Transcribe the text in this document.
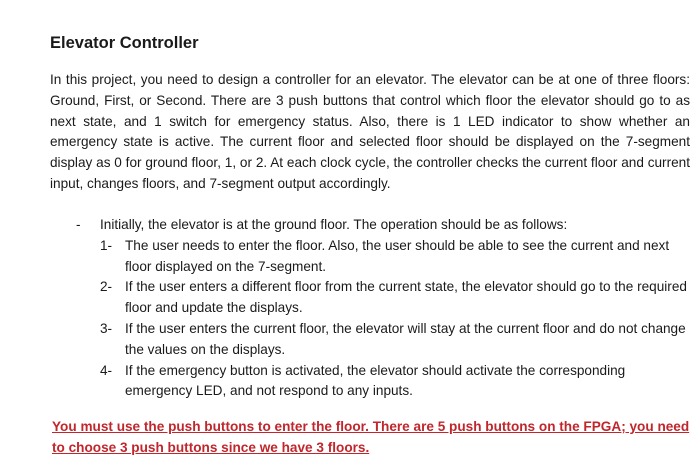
Elevator Controller

In this project, you need to design a controller for an elevator. The elevator can be at one of three floors: Ground, First, or Second. There are 3 push buttons that control which floor the elevator should go to as next state, and 1 switch for emergency status. Also, there is 1 LED indicator to show whether an emergency state is active. The current floor and selected floor should be displayed on the 7-segment display as 0 for ground floor, 1, or 2. At each clock cycle, the controller checks the current floor and current input, changes floors, and 7-segment output accordingly.

-	Initially, the elevator is at the ground floor. The operation should be as follows:
1- The user needs to enter the floor. Also, the user should be able to see the current and next floor displayed on the 7-segment.
2- If the user enters a different floor from the current state, the elevator should go to the required floor and update the displays.
3- If the user enters the current floor, the elevator will stay at the current floor and do not change the values on the displays.
4- If the emergency button is activated, the elevator should activate the corresponding emergency LED, and not respond to any inputs.

You must use the push buttons to enter the floor. There are 5 push buttons on the FPGA; you need to choose 3 push buttons since we have 3 floors.
